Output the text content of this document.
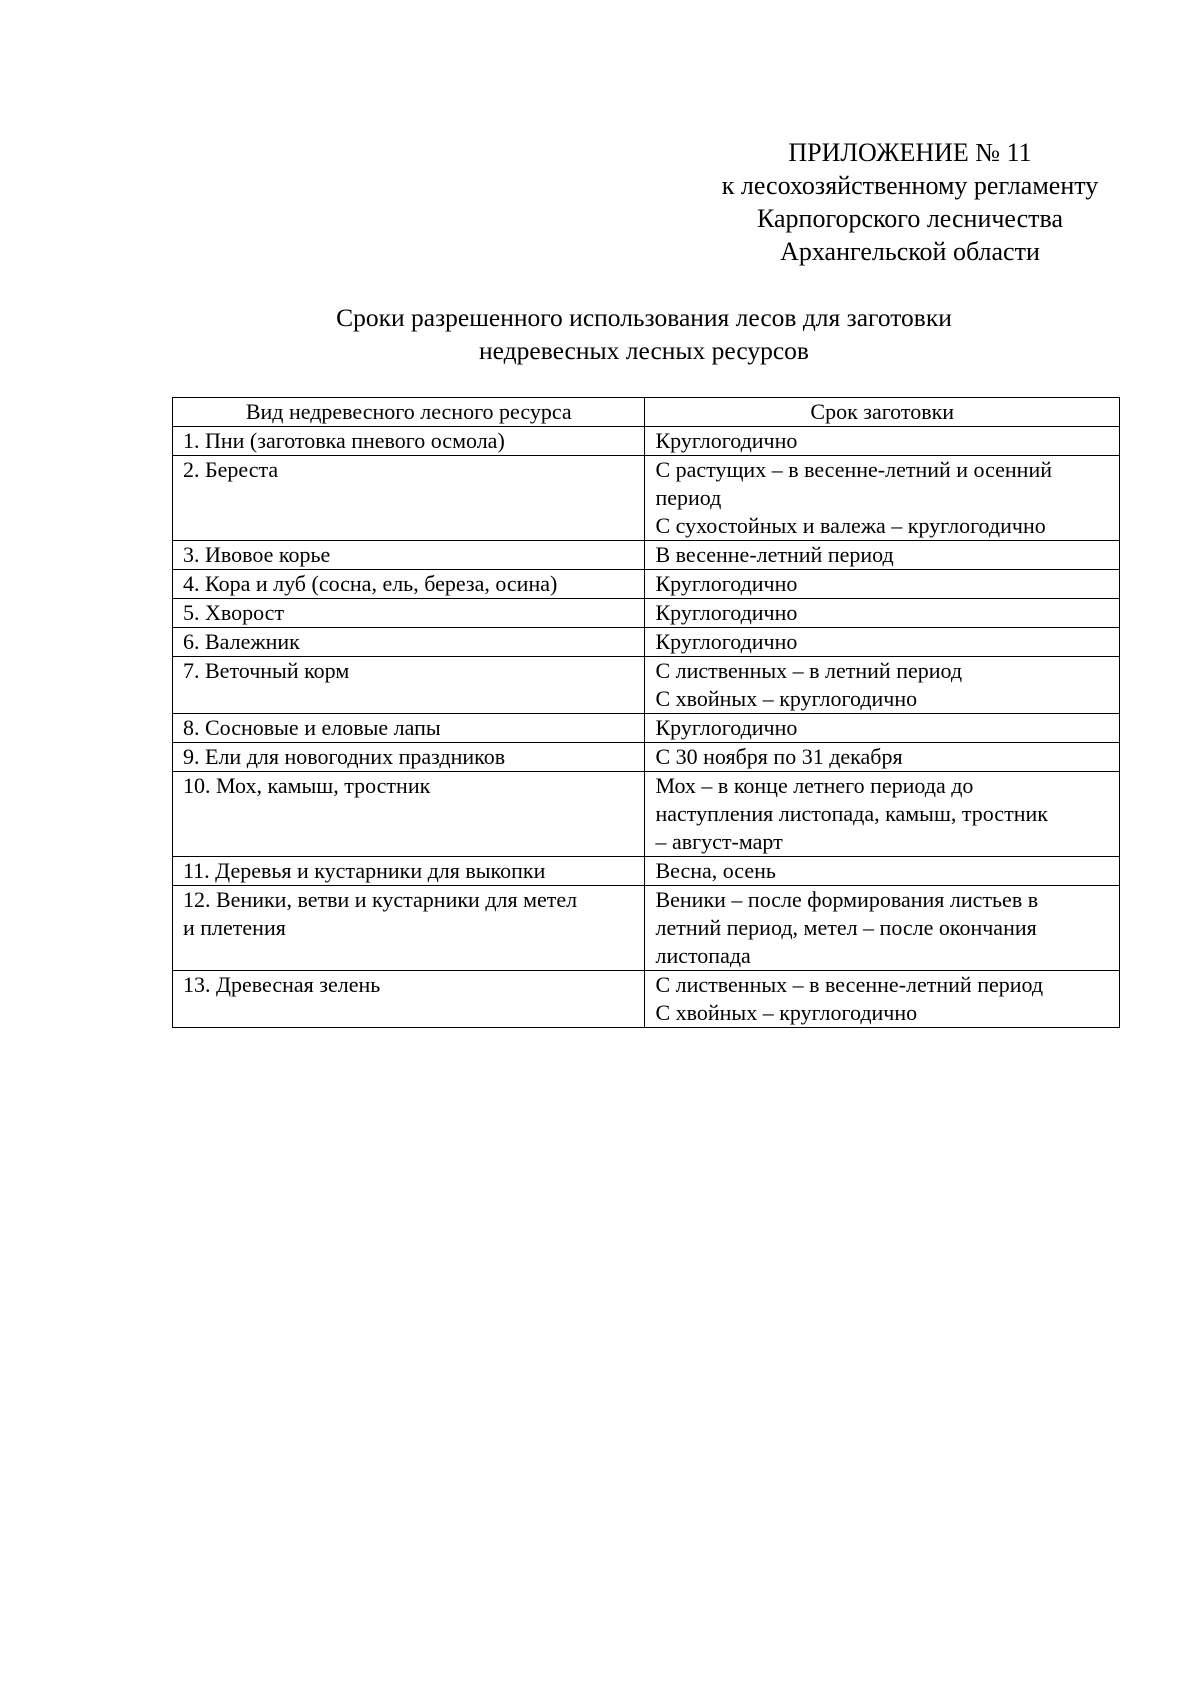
ПРИЛОЖЕНИЕ № 11
к лесохозяйственному регламенту
Карпогорского лесничества
Архангельской области
Сроки разрешенного использования лесов для заготовки
недревесных лесных ресурсов
Вид недревесного лесного ресурса	Срок заготовки

1. Пни (заготовка пневого осмола)	Круглогодично

2. Береста	С растущих – в весенне-летний и осенний
период
С сухостойных и валежа – круглогодично

3. Ивовое корье	В весенне-летний период

4. Кора и луб (сосна, ель, береза, осина)	Круглогодично

5. Хворост	Круглогодично

6. Валежник	Круглогодично

7. Веточный корм	С лиственных – в летний период
С хвойных – круглогодично

8. Сосновые и еловые лапы	Круглогодично

9. Ели для новогодних праздников	С 30 ноября по 31 декабря

10. Мох, камыш, тростник	Мох – в конце летнего периода до
наступления листопада, камыш, тростник
– август-март

11. Деревья и кустарники для выкопки	Весна, осень

12. Веники, ветви и кустарники для метел
и плетения	Веники – после формирования листьев в
летний период, метел – после окончания
листопада

13. Древесная зелень	С лиственных – в весенне-летний период
С хвойных – круглогодично
